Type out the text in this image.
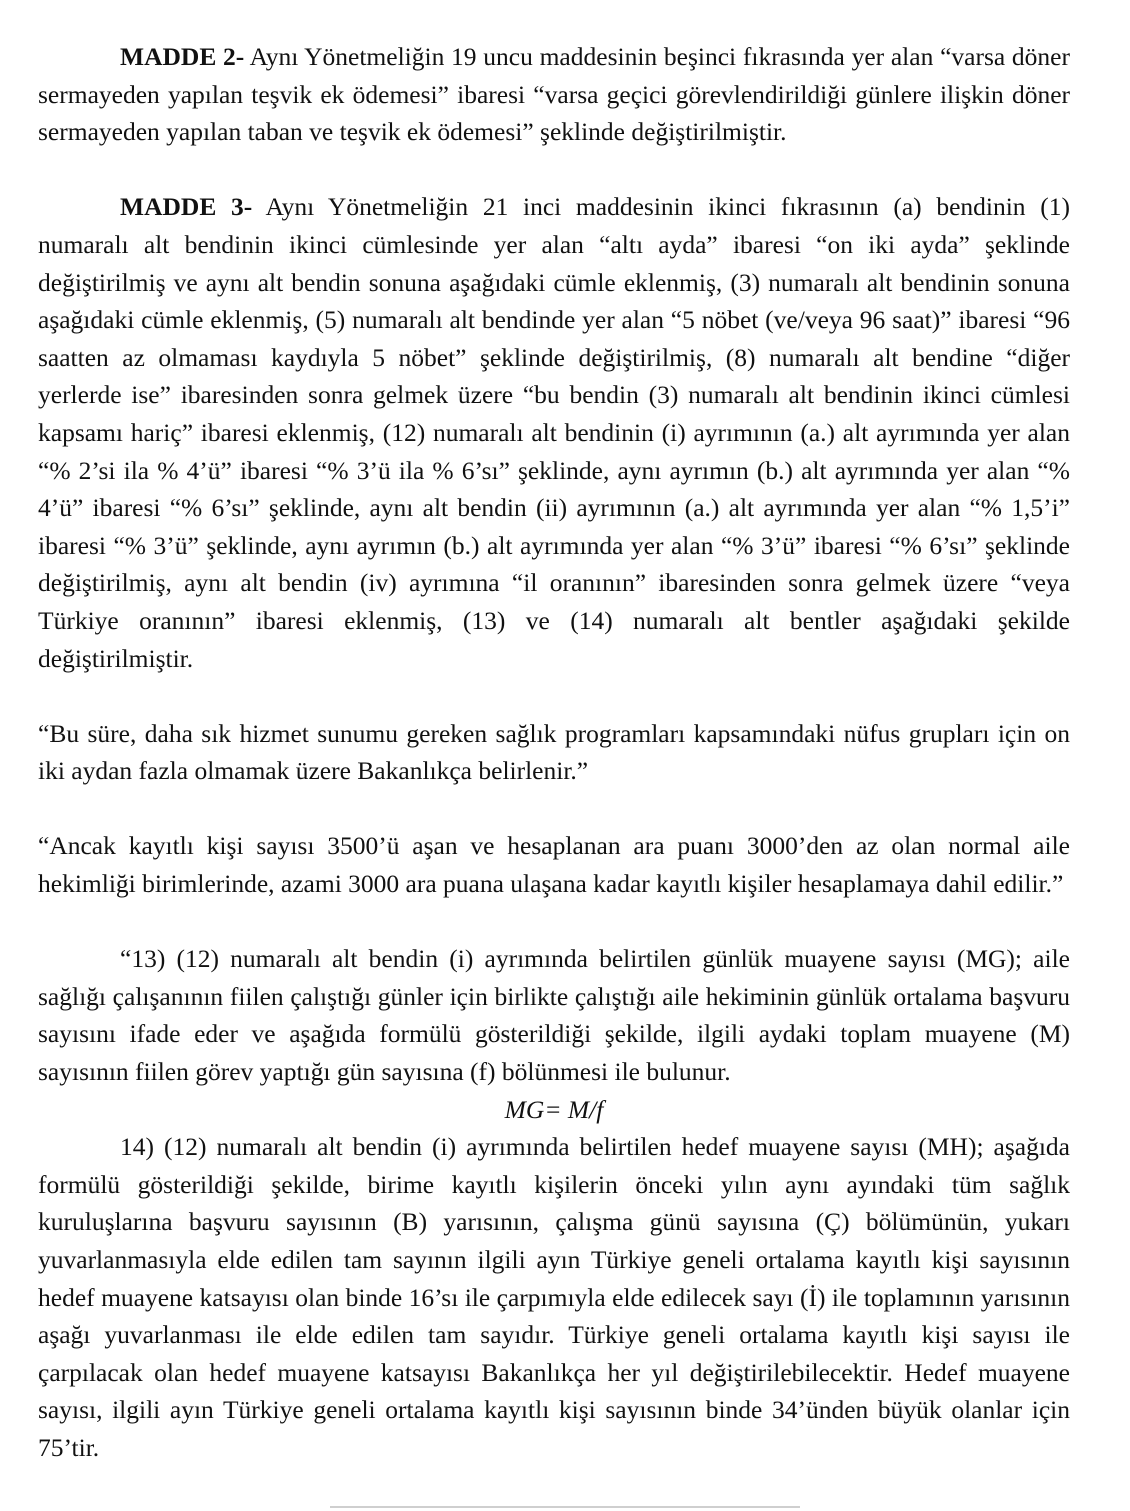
MADDE 2- Aynı Yönetmeliğin 19 uncu maddesinin beşinci fıkrasında yer alan “varsa döner sermayeden yapılan teşvik ek ödemesi” ibaresi “varsa geçici görevlendirildiği günlere ilişkin döner sermayeden yapılan taban ve teşvik ek ödemesi” şeklinde değiştirilmiştir.

MADDE 3- Aynı Yönetmeliğin 21 inci maddesinin ikinci fıkrasının (a) bendinin (1) numaralı alt bendinin ikinci cümlesinde yer alan “altı ayda” ibaresi “on iki ayda” şeklinde değiştirilmiş ve aynı alt bendin sonuna aşağıdaki cümle eklenmiş, (3) numaralı alt bendinin sonuna aşağıdaki cümle eklenmiş, (5) numaralı alt bendinde yer alan “5 nöbet (ve/veya 96 saat)” ibaresi “96 saatten az olmaması kaydıyla 5 nöbet” şeklinde değiştirilmiş, (8) numaralı alt bendine “diğer yerlerde ise” ibaresinden sonra gelmek üzere “bu bendin (3) numaralı alt bendinin ikinci cümlesi kapsamı hariç” ibaresi eklenmiş, (12) numaralı alt bendinin (i) ayrımının (a.) alt ayrımında yer alan “% 2’si ila % 4’ü” ibaresi “% 3’ü ila % 6’sı” şeklinde, aynı ayrımın (b.) alt ayrımında yer alan “% 4’ü” ibaresi “% 6’sı” şeklinde, aynı alt bendin (ii) ayrımının (a.) alt ayrımında yer alan “% 1,5’i” ibaresi “% 3’ü” şeklinde, aynı ayrımın (b.) alt ayrımında yer alan “% 3’ü” ibaresi “% 6’sı” şeklinde değiştirilmiş, aynı alt bendin (iv) ayrımına “il oranının” ibaresinden sonra gelmek üzere “veya Türkiye oranının” ibaresi eklenmiş, (13) ve (14) numaralı alt bentler aşağıdaki şekilde değiştirilmiştir.

“Bu süre, daha sık hizmet sunumu gereken sağlık programları kapsamındaki nüfus grupları için on iki aydan fazla olmamak üzere Bakanlıkça belirlenir.”

“Ancak kayıtlı kişi sayısı 3500’ü aşan ve hesaplanan ara puanı 3000’den az olan normal aile hekimliği birimlerinde, azami 3000 ara puana ulaşana kadar kayıtlı kişiler hesaplamaya dahil edilir.”

“13) (12) numaralı alt bendin (i) ayrımında belirtilen günlük muayene sayısı (MG); aile sağlığı çalışanının fiilen çalıştığı günler için birlikte çalıştığı aile hekiminin günlük ortalama başvuru sayısını ifade eder ve aşağıda formülü gösterildiği şekilde, ilgili aydaki toplam muayene (M) sayısının fiilen görev yaptığı gün sayısına (f) bölünmesi ile bulunur.

MG= M/f

14) (12) numaralı alt bendin (i) ayrımında belirtilen hedef muayene sayısı (MH); aşağıda formülü gösterildiği şekilde, birime kayıtlı kişilerin önceki yılın aynı ayındaki tüm sağlık kuruluşlarına başvuru sayısının (B) yarısının, çalışma günü sayısına (Ç) bölümünün, yukarı yuvarlanmasıyla elde edilen tam sayının ilgili ayın Türkiye geneli ortalama kayıtlı kişi sayısının hedef muayene katsayısı olan binde 16’sı ile çarpımıyla elde edilecek sayı (İ) ile toplamının yarısının aşağı yuvarlanması ile elde edilen tam sayıdır. Türkiye geneli ortalama kayıtlı kişi sayısı ile çarpılacak olan hedef muayene katsayısı Bakanlıkça her yıl değiştirilebilecektir. Hedef muayene sayısı, ilgili ayın Türkiye geneli ortalama kayıtlı kişi sayısının binde 34’ünden büyük olanlar için 75’tir.
